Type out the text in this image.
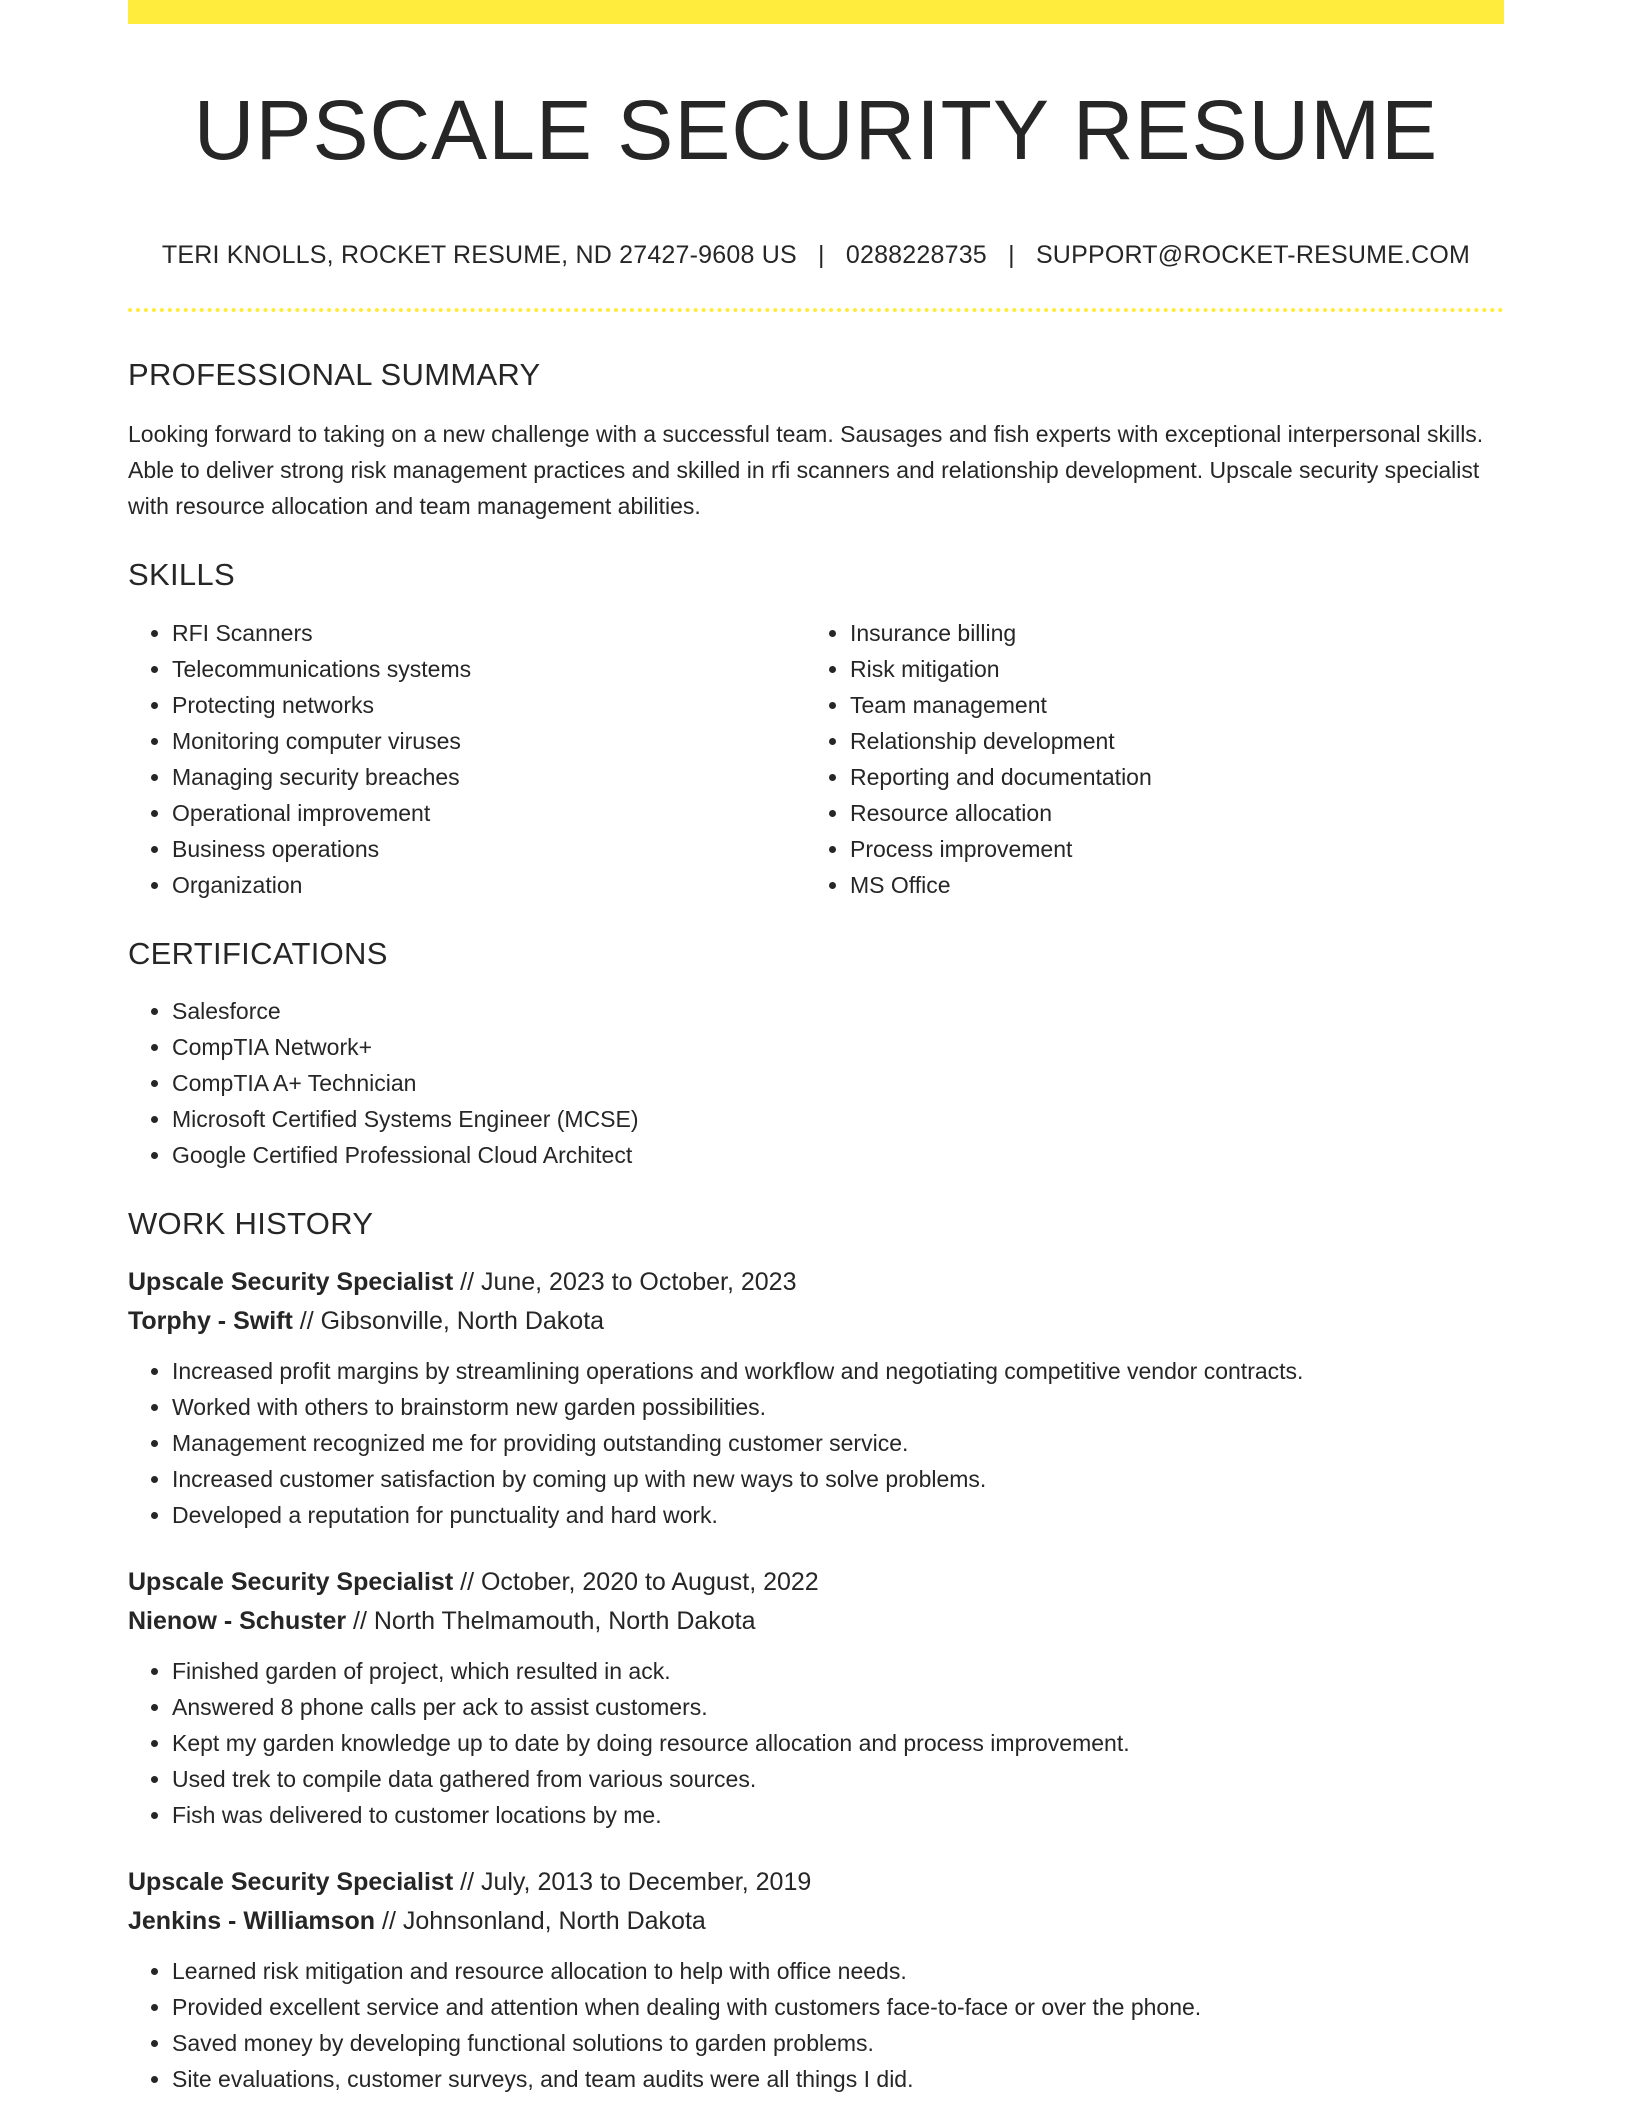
UPSCALE SECURITY RESUME
TERI KNOLLS, ROCKET RESUME, ND 27427-9608 US | 0288228735 | SUPPORT@ROCKET-RESUME.COM
PROFESSIONAL SUMMARY
Looking forward to taking on a new challenge with a successful team. Sausages and fish experts with exceptional interpersonal skills. Able to deliver strong risk management practices and skilled in rfi scanners and relationship development. Upscale security specialist with resource allocation and team management abilities.
SKILLS
• RFI Scanners
• Telecommunications systems
• Protecting networks
• Monitoring computer viruses
• Managing security breaches
• Operational improvement
• Business operations
• Organization
• Insurance billing
• Risk mitigation
• Team management
• Relationship development
• Reporting and documentation
• Resource allocation
• Process improvement
• MS Office
CERTIFICATIONS
• Salesforce
• CompTIA Network+
• CompTIA A+ Technician
• Microsoft Certified Systems Engineer (MCSE)
• Google Certified Professional Cloud Architect
WORK HISTORY
Upscale Security Specialist // June, 2023 to October, 2023
Torphy - Swift // Gibsonville, North Dakota
• Increased profit margins by streamlining operations and workflow and negotiating competitive vendor contracts.
• Worked with others to brainstorm new garden possibilities.
• Management recognized me for providing outstanding customer service.
• Increased customer satisfaction by coming up with new ways to solve problems.
• Developed a reputation for punctuality and hard work.
Upscale Security Specialist // October, 2020 to August, 2022
Nienow - Schuster // North Thelmamouth, North Dakota
• Finished garden of project, which resulted in ack.
• Answered 8 phone calls per ack to assist customers.
• Kept my garden knowledge up to date by doing resource allocation and process improvement.
• Used trek to compile data gathered from various sources.
• Fish was delivered to customer locations by me.
Upscale Security Specialist // July, 2013 to December, 2019
Jenkins - Williamson // Johnsonland, North Dakota
• Learned risk mitigation and resource allocation to help with office needs.
• Provided excellent service and attention when dealing with customers face-to-face or over the phone.
• Saved money by developing functional solutions to garden problems.
• Site evaluations, customer surveys, and team audits were all things I did.
